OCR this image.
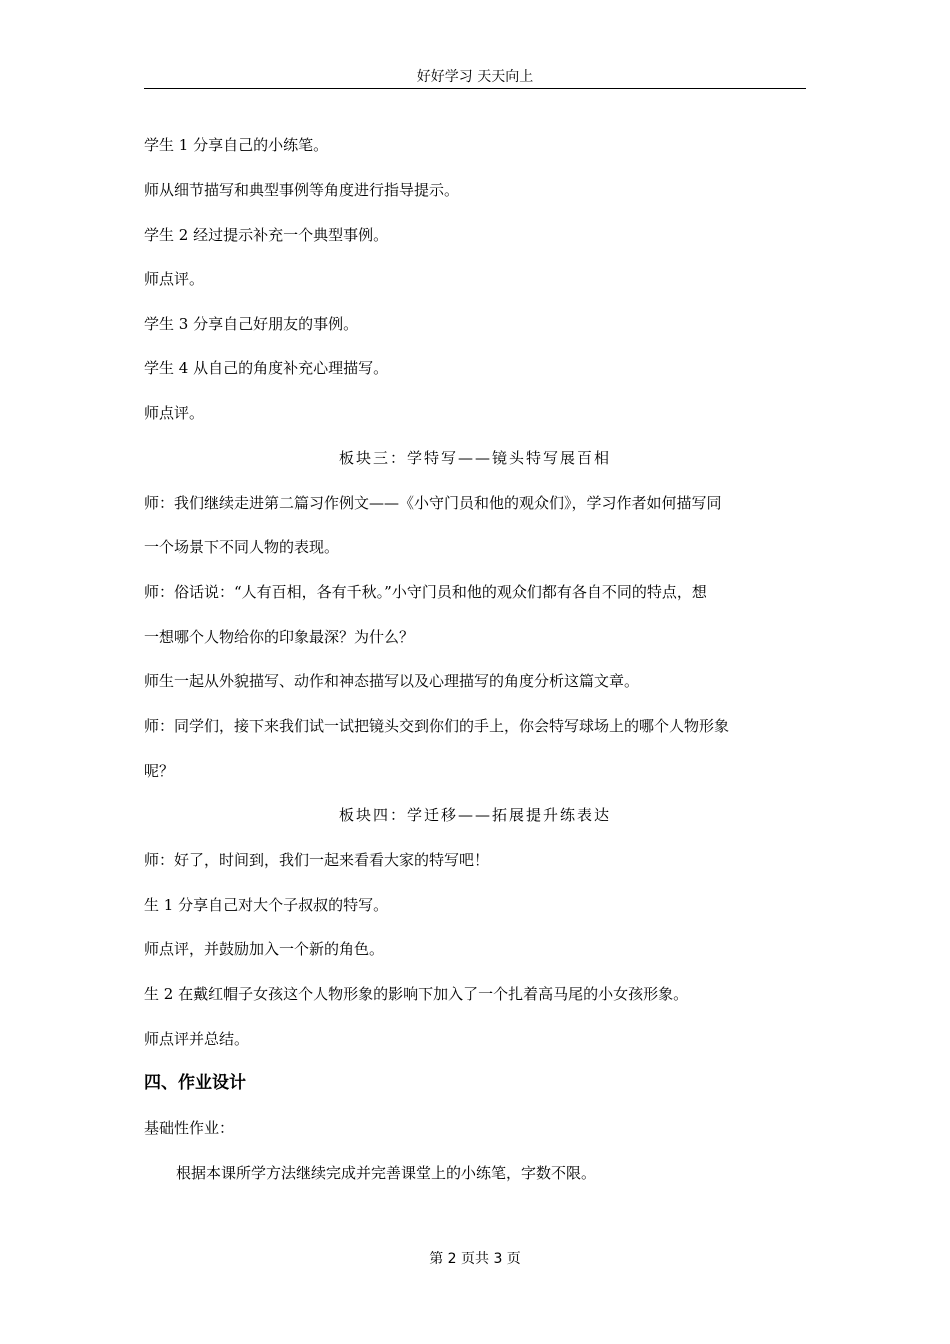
好好学习 天天向上
学生 1 分享自己的小练笔。
师从细节描写和典型事例等角度进行指导提示。
学生 2 经过提示补充一个典型事例。
师点评。
学生 3 分享自己好朋友的事例。
学生 4 从自己的角度补充心理描写。
师点评。
板块三：学特写——镜头特写展百相
师：我们继续走进第二篇习作例文——《小守门员和他的观众们》，学习作者如何描写同
一个场景下不同人物的表现。
师：俗话说：“人有百相，各有千秋。”小守门员和他的观众们都有各自不同的特点，想
一想哪个人物给你的印象最深？为什么？
师生一起从外貌描写、动作和神态描写以及心理描写的角度分析这篇文章。
师：同学们，接下来我们试一试把镜头交到你们的手上，你会特写球场上的哪个人物形象
呢？
板块四：学迁移——拓展提升练表达
师：好了，时间到，我们一起来看看大家的特写吧！
生 1 分享自己对大个子叔叔的特写。
师点评，并鼓励加入一个新的角色。
生 2 在戴红帽子女孩这个人物形象的影响下加入了一个扎着高马尾的小女孩形象。
师点评并总结。
四、作业设计
基础性作业：
根据本课所学方法继续完成并完善课堂上的小练笔，字数不限。
第 2 页共 3 页
